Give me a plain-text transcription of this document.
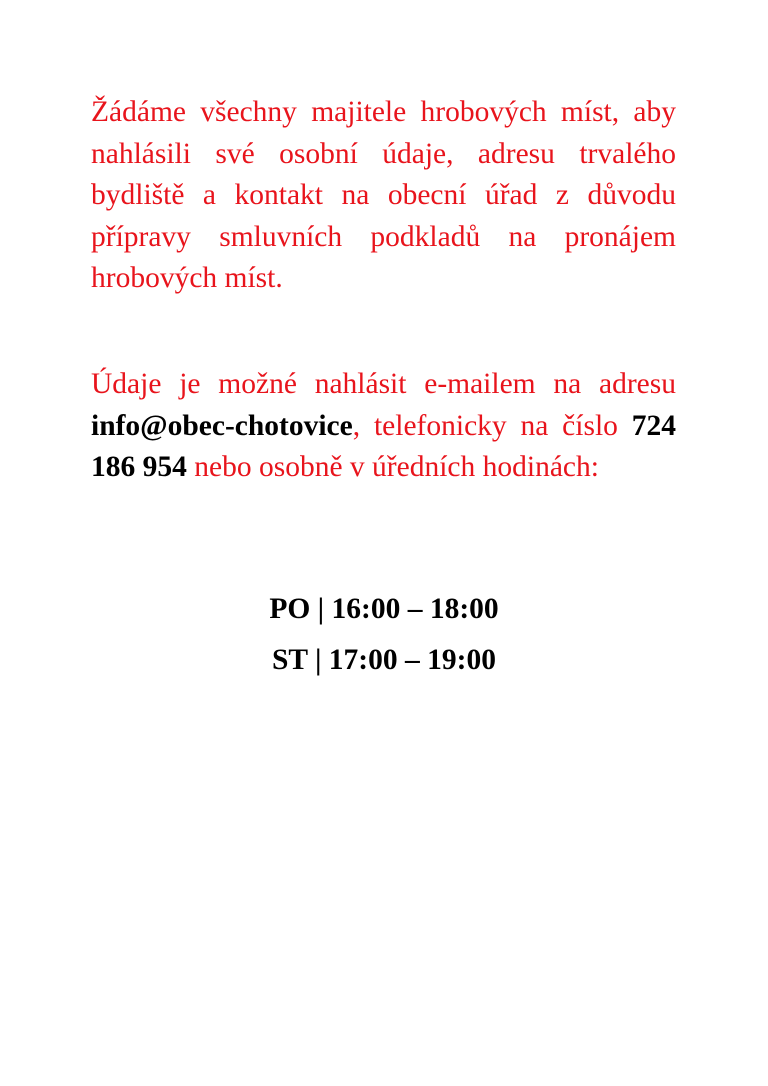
Žádáme všechny majitele hrobových míst, aby nahlásili své osobní údaje, adresu trvalého bydliště a kontakt na obecní úřad z důvodu přípravy smluvních podkladů na pronájem hrobových míst.

Údaje je možné nahlásit e-mailem na adresu info@obec-chotovice, telefonicky na číslo 724 186 954 nebo osobně v úředních hodinách:

PO | 16:00 – 18:00

ST | 17:00 – 19:00
